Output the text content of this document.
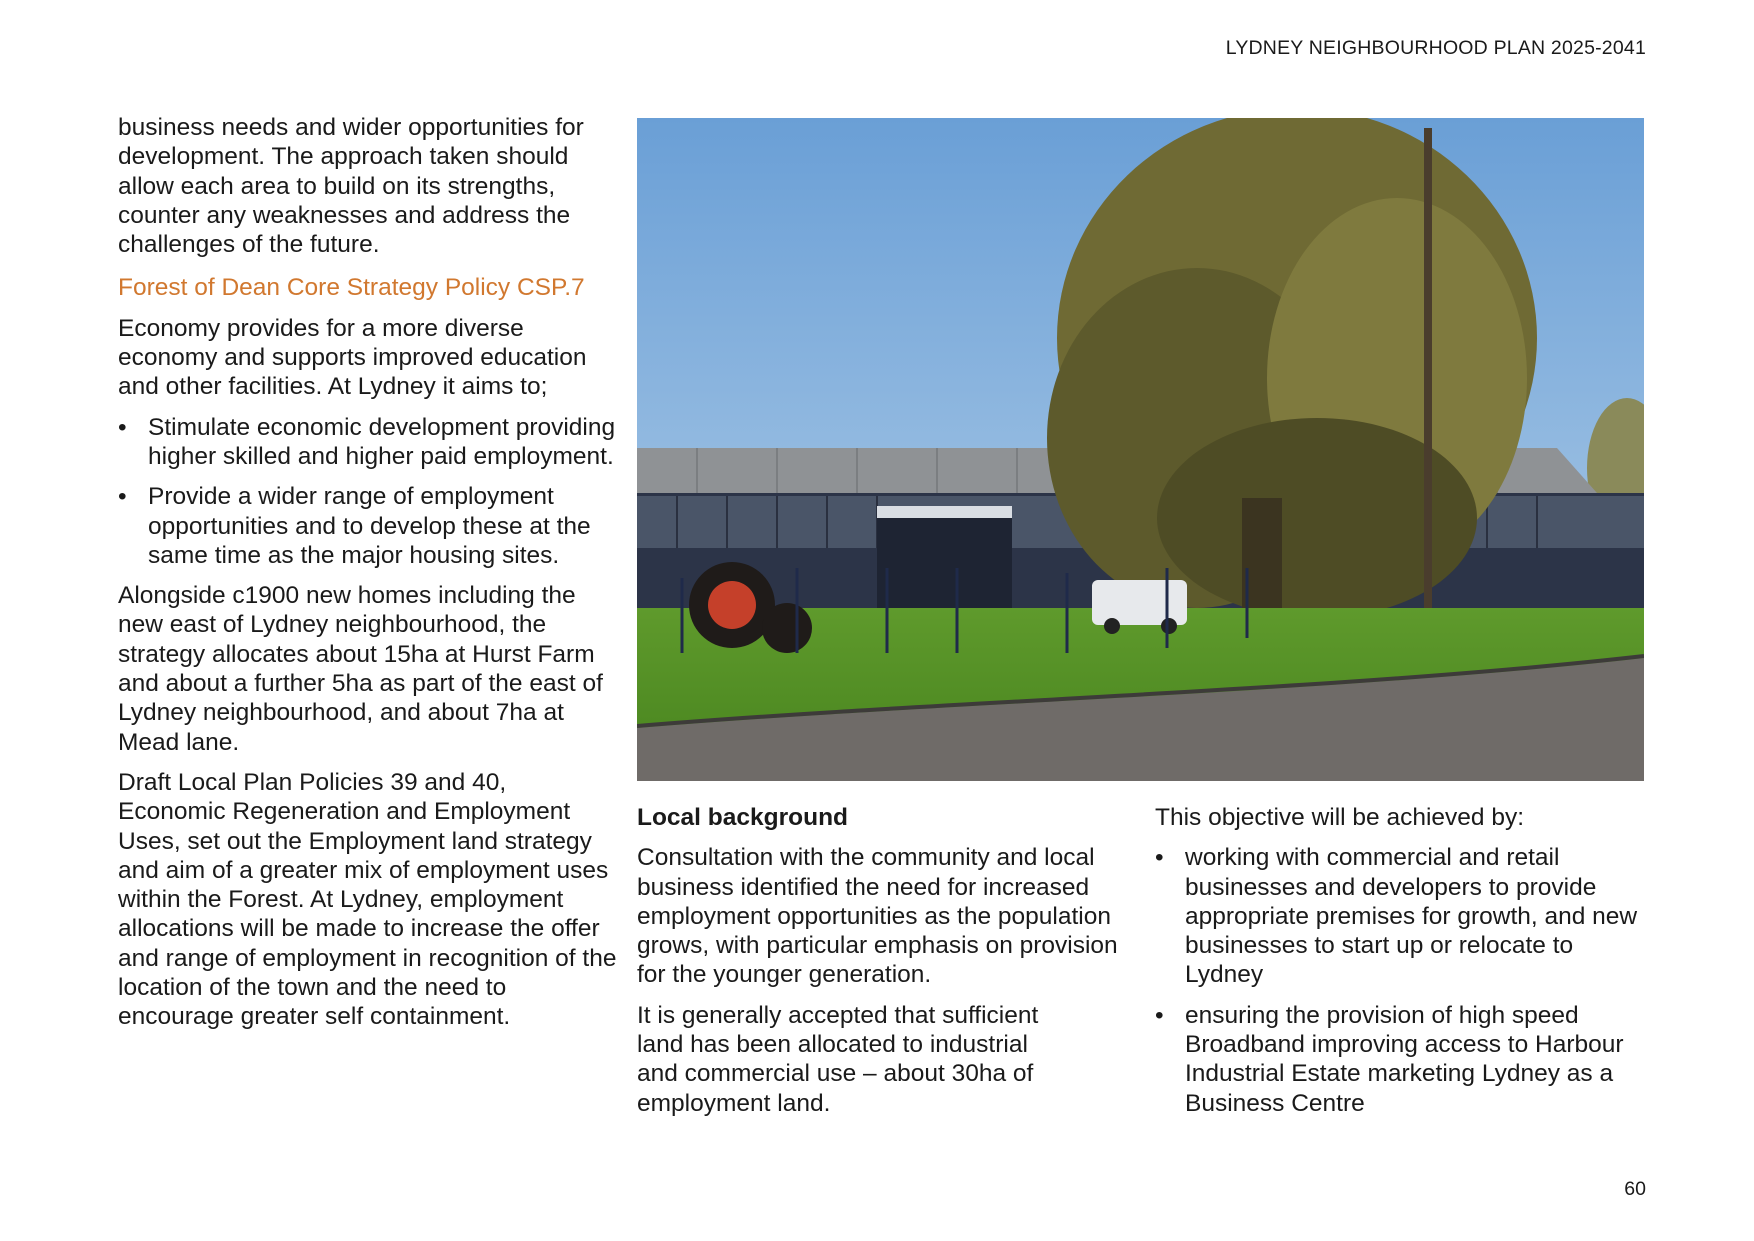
LYDNEY NEIGHBOURHOOD PLAN 2025-2041

business needs and wider opportunities for development. The approach taken should allow each area to build on its strengths, counter any weaknesses and address the challenges of the future.

Forest of Dean Core Strategy Policy CSP.7

Economy provides for a more diverse economy and supports improved education and other facilities. At Lydney it aims to;

• Stimulate economic development providing higher skilled and higher paid employment.
• Provide a wider range of employment opportunities and to develop these at the same time as the major housing sites.

Alongside c1900 new homes including the new east of Lydney neighbourhood, the strategy allocates about 15ha at Hurst Farm and about a further 5ha as part of the east of Lydney neighbourhood, and about 7ha at Mead lane.

Draft Local Plan Policies 39 and 40, Economic Regeneration and Employment Uses, set out the Employment land strategy and aim of a greater mix of employment uses within the Forest. At Lydney, employment allocations will be made to increase the offer and range of employment in recognition of the location of the town and the need to encourage greater self containment.

Local background

Consultation with the community and local business identified the need for increased employment opportunities as the population grows, with particular emphasis on provision for the younger generation.

It is generally accepted that sufficient land has been allocated to industrial and commercial use – about 30ha of employment land.

This objective will be achieved by:

• working with commercial and retail businesses and developers to provide appropriate premises for growth, and new businesses to start up or relocate to Lydney
• ensuring the provision of high speed Broadband improving access to Harbour Industrial Estate marketing Lydney as a Business Centre
60
